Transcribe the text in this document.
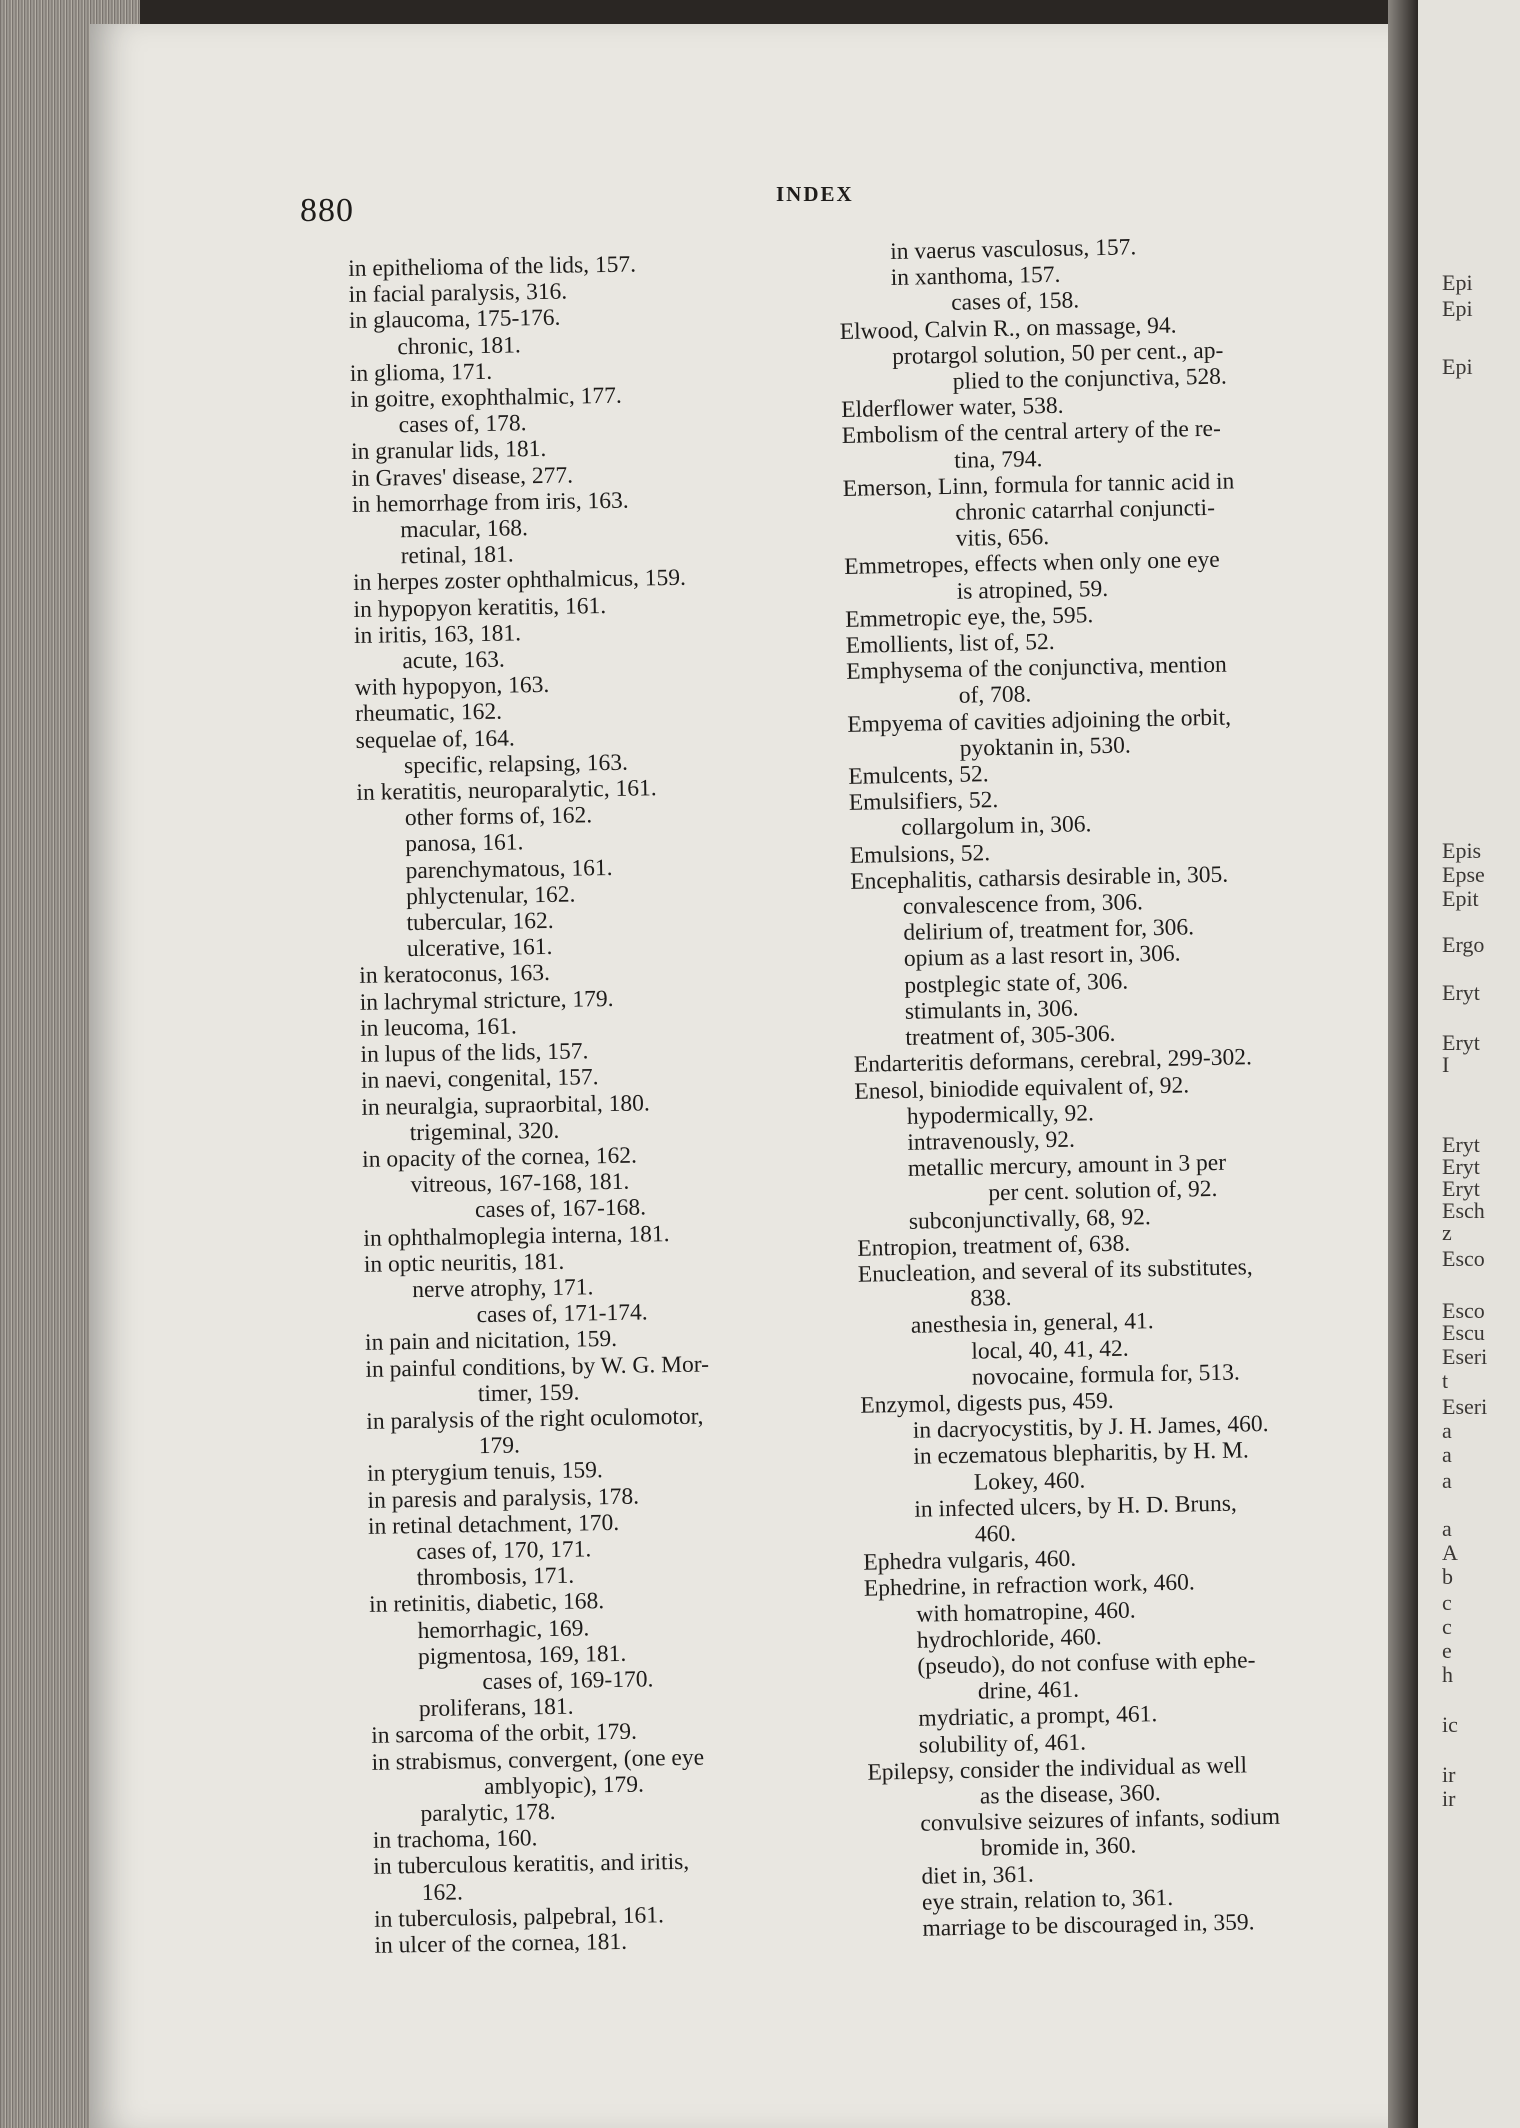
880	INDEX
in epithelioma of the lids, 157.
in facial paralysis, 316.
in glaucoma, 175-176.
chronic, 181.
in glioma, 171.
in goitre, exophthalmic, 177.
cases of, 178.
in granular lids, 181.
in Graves' disease, 277.
in hemorrhage from iris, 163.
macular, 168.
retinal, 181.
in herpes zoster ophthalmicus, 159.
in hypopyon keratitis, 161.
in iritis, 163, 181.
acute, 163.
with hypopyon, 163.
rheumatic, 162.
sequelae of, 164.
specific, relapsing, 163.
in keratitis, neuroparalytic, 161.
other forms of, 162.
panosa, 161.
parenchymatous, 161.
phlyctenular, 162.
tubercular, 162.
ulcerative, 161.
in keratoconus, 163.
in lachrymal stricture, 179.
in leucoma, 161.
in lupus of the lids, 157.
in naevi, congenital, 157.
in neuralgia, supraorbital, 180.
trigeminal, 320.
in opacity of the cornea, 162.
vitreous, 167-168, 181.
cases of, 167-168.
in ophthalmoplegia interna, 181.
in optic neuritis, 181.
nerve atrophy, 171.
cases of, 171-174.
in pain and nicitation, 159.
in painful conditions, by W. G. Mor-
timer, 159.
in paralysis of the right oculomotor,
179.
in pterygium tenuis, 159.
in paresis and paralysis, 178.
in retinal detachment, 170.
cases of, 170, 171.
thrombosis, 171.
in retinitis, diabetic, 168.
hemorrhagic, 169.
pigmentosa, 169, 181.
cases of, 169-170.
proliferans, 181.
in sarcoma of the orbit, 179.
in strabismus, convergent, (one eye
amblyopic), 179.
paralytic, 178.
in trachoma, 160.
in tuberculous keratitis, and iritis,
162.
in tuberculosis, palpebral, 161.
in ulcer of the cornea, 181.
in vaerus vasculosus, 157.
in xanthoma, 157.
cases of, 158.
Elwood, Calvin R., on massage, 94.
protargol solution, 50 per cent., ap-
plied to the conjunctiva, 528.
Elderflower water, 538.
Embolism of the central artery of the re-
tina, 794.
Emerson, Linn, formula for tannic acid in
chronic catarrhal conjuncti-
vitis, 656.
Emmetropes, effects when only one eye
is atropined, 59.
Emmetropic eye, the, 595.
Emollients, list of, 52.
Emphysema of the conjunctiva, mention
of, 708.
Empyema of cavities adjoining the orbit,
pyoktanin in, 530.
Emulcents, 52.
Emulsifiers, 52.
collargolum in, 306.
Emulsions, 52.
Encephalitis, catharsis desirable in, 305.
convalescence from, 306.
delirium of, treatment for, 306.
opium as a last resort in, 306.
postplegic state of, 306.
stimulants in, 306.
treatment of, 305-306.
Endarteritis deformans, cerebral, 299-302.
Enesol, biniodide equivalent of, 92.
hypodermically, 92.
intravenously, 92.
metallic mercury, amount in 3 per
per cent. solution of, 92.
subconjunctivally, 68, 92.
Entropion, treatment of, 638.
Enucleation, and several of its substitutes,
838.
anesthesia in, general, 41.
local, 40, 41, 42.
novocaine, formula for, 513.
Enzymol, digests pus, 459.
in dacryocystitis, by J. H. James, 460.
in eczematous blepharitis, by H. M.
Lokey, 460.
in infected ulcers, by H. D. Bruns,
460.
Ephedra vulgaris, 460.
Ephedrine, in refraction work, 460.
with homatropine, 460.
hydrochloride, 460.
(pseudo), do not confuse with ephe-
drine, 461.
mydriatic, a prompt, 461.
solubility of, 461.
Epilepsy, consider the individual as well
as the disease, 360.
convulsive seizures of infants, sodium
bromide in, 360.
diet in, 361.
eye strain, relation to, 361.
marriage to be discouraged in, 359.
Epi
Epi
Epi
Epis
Epse
Epit
Ergo
Eryt
Eryt
I
Eryt
Eryt
Eryt
Esch
z
Esco
Esco
Escu
Eseri
t
Eseri
a
a
a
a
A
b
c
c
e
h
ic
ir
ir
